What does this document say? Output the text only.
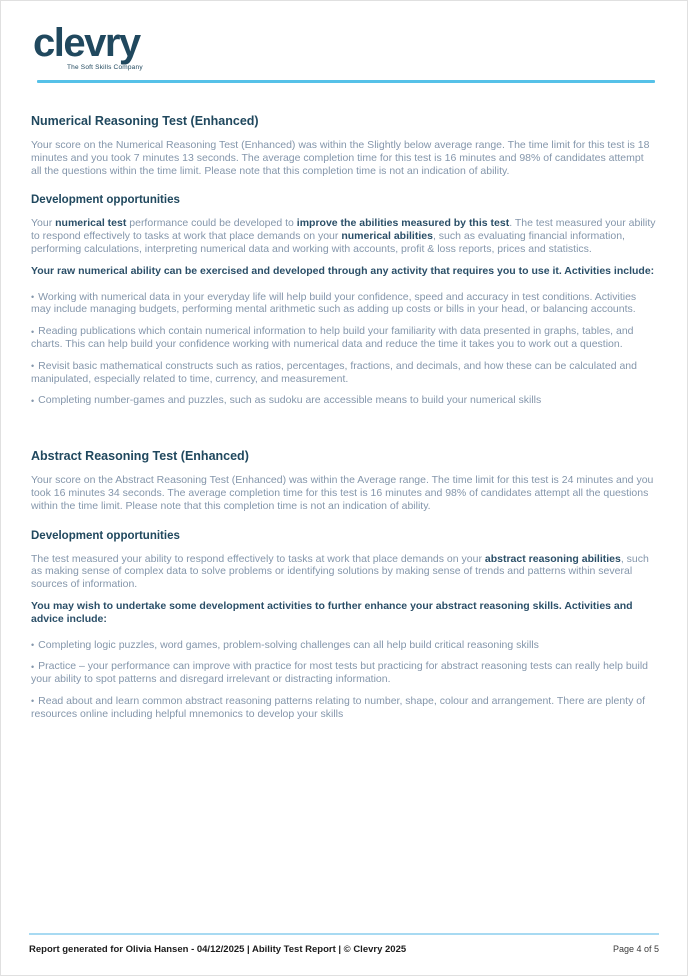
clevry
The Soft Skills Company
Numerical Reasoning Test (Enhanced)

Your score on the Numerical Reasoning Test (Enhanced) was within the Slightly below average range. The time limit for this test is 18 minutes and you took 7 minutes 13 seconds. The average completion time for this test is 16 minutes and 98% of candidates attempt all the questions within the time limit. Please note that this completion time is not an indication of ability.

Development opportunities

Your numerical test performance could be developed to improve the abilities measured by this test. The test measured your ability to respond effectively to tasks at work that place demands on your numerical abilities, such as evaluating financial information, performing calculations, interpreting numerical data and working with accounts, profit & loss reports, prices and statistics.

Your raw numerical ability can be exercised and developed through any activity that requires you to use it. Activities include:

• Working with numerical data in your everyday life will help build your confidence, speed and accuracy in test conditions. Activities may include managing budgets, performing mental arithmetic such as adding up costs or bills in your head, or balancing accounts.
• Reading publications which contain numerical information to help build your familiarity with data presented in graphs, tables, and charts. This can help build your confidence working with numerical data and reduce the time it takes you to work out a question.
• Revisit basic mathematical constructs such as ratios, percentages, fractions, and decimals, and how these can be calculated and manipulated, especially related to time, currency, and measurement.
• Completing number-games and puzzles, such as sudoku are accessible means to build your numerical skills
Abstract Reasoning Test (Enhanced)

Your score on the Abstract Reasoning Test (Enhanced) was within the Average range. The time limit for this test is 24 minutes and you took 16 minutes 34 seconds. The average completion time for this test is 16 minutes and 98% of candidates attempt all the questions within the time limit. Please note that this completion time is not an indication of ability.

Development opportunities

The test measured your ability to respond effectively to tasks at work that place demands on your abstract reasoning abilities, such as making sense of complex data to solve problems or identifying solutions by making sense of trends and patterns within several sources of information.

You may wish to undertake some development activities to further enhance your abstract reasoning skills. Activities and advice include:

• Completing logic puzzles, word games, problem-solving challenges can all help build critical reasoning skills
• Practice – your performance can improve with practice for most tests but practicing for abstract reasoning tests can really help build your ability to spot patterns and disregard irrelevant or distracting information.
• Read about and learn common abstract reasoning patterns relating to number, shape, colour and arrangement. There are plenty of resources online including helpful mnemonics to develop your skills
Report generated for Olivia Hansen - 04/12/2025 | Ability Test Report | © Clevry 2025	Page 4 of 5
